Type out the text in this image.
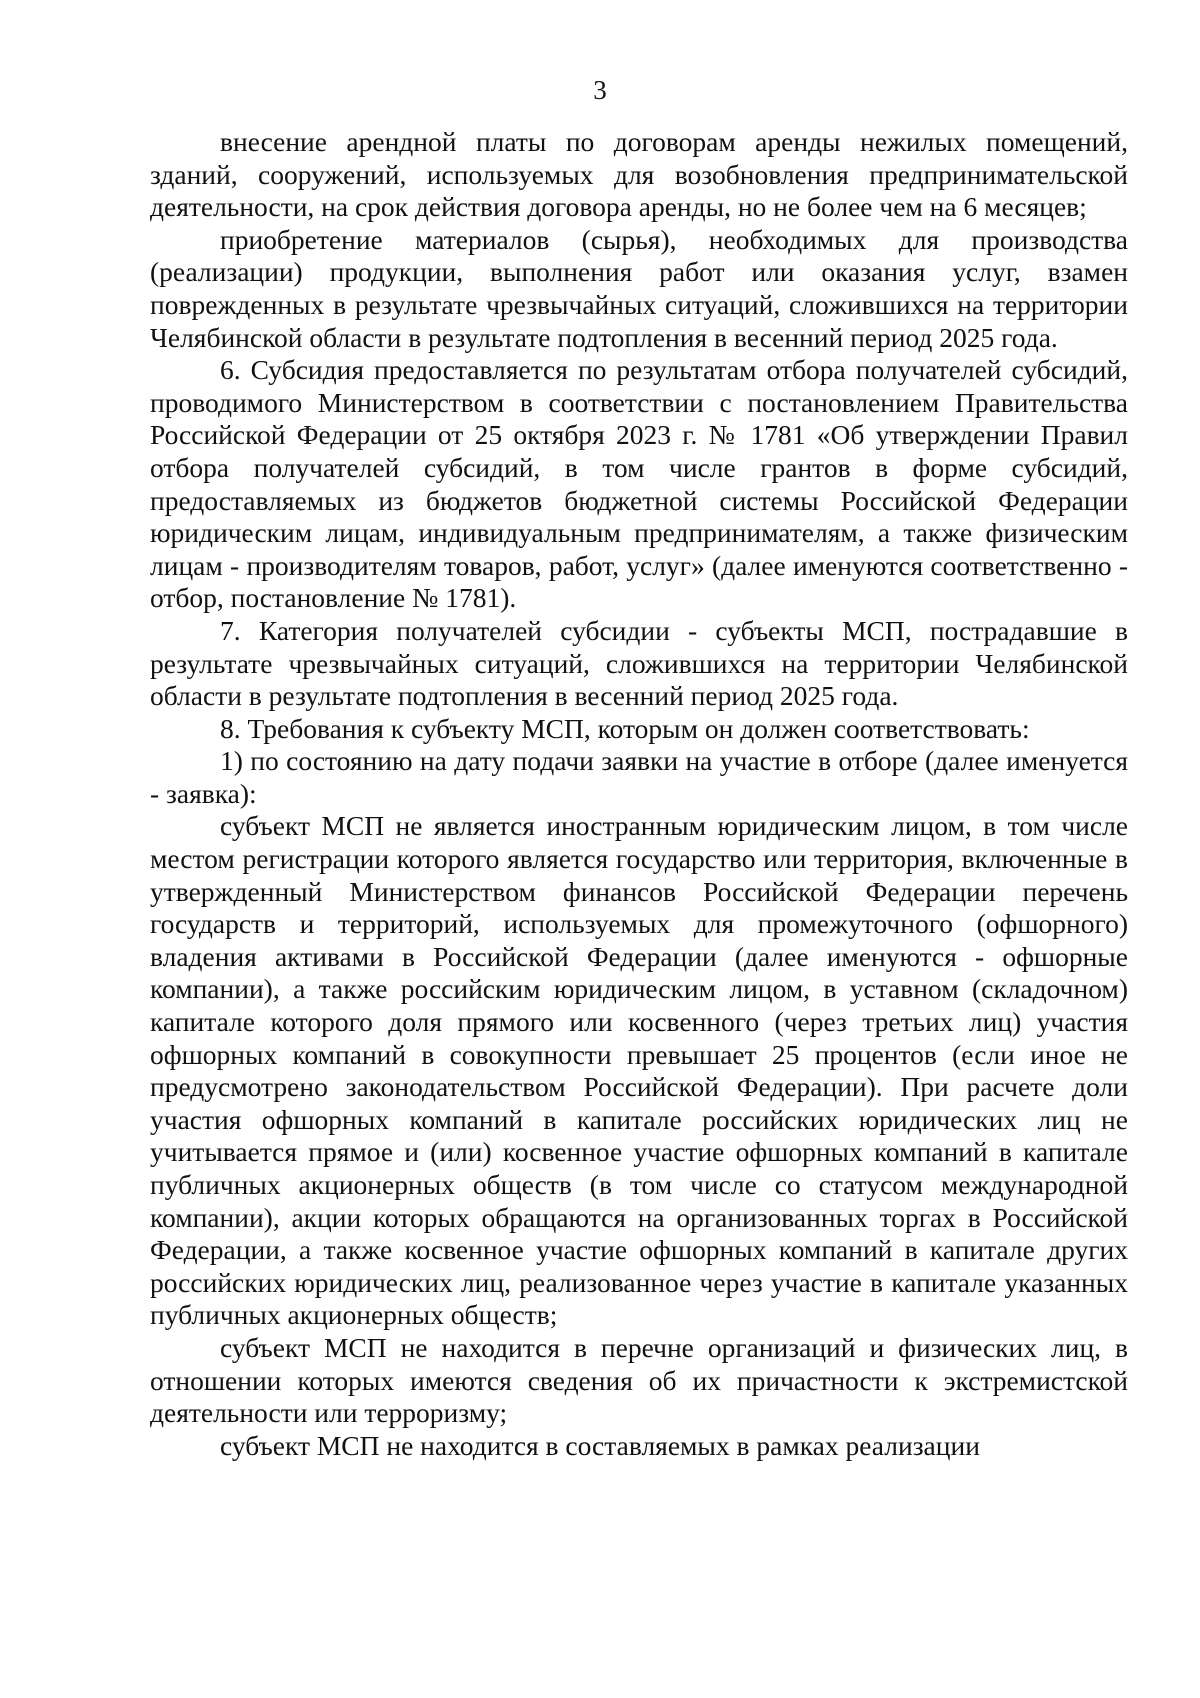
3

внесение арендной платы по договорам аренды нежилых помещений, зданий, сооружений, используемых для возобновления предпринимательской деятельности, на срок действия договора аренды, но не более чем на 6 месяцев;

приобретение материалов (сырья), необходимых для производства (реализации) продукции, выполнения работ или оказания услуг, взамен поврежденных в результате чрезвычайных ситуаций, сложившихся на территории Челябинской области в результате подтопления в весенний период 2025 года.

6. Субсидия предоставляется по результатам отбора получателей субсидий, проводимого Министерством в соответствии с постановлением Правительства Российской Федерации от 25 октября 2023 г. № 1781 «Об утверждении Правил отбора получателей субсидий, в том числе грантов в форме субсидий, предоставляемых из бюджетов бюджетной системы Российской Федерации юридическим лицам, индивидуальным предпринимателям, а также физическим лицам - производителям товаров, работ, услуг» (далее именуются соответственно - отбор, постановление № 1781).

7. Категория получателей субсидии - субъекты МСП, пострадавшие в результате чрезвычайных ситуаций, сложившихся на территории Челябинской области в результате подтопления в весенний период 2025 года.

8. Требования к субъекту МСП, которым он должен соответствовать:

1) по состоянию на дату подачи заявки на участие в отборе (далее именуется - заявка):

субъект МСП не является иностранным юридическим лицом, в том числе местом регистрации которого является государство или территория, включенные в утвержденный Министерством финансов Российской Федерации перечень государств и территорий, используемых для промежуточного (офшорного) владения активами в Российской Федерации (далее именуются - офшорные компании), а также российским юридическим лицом, в уставном (складочном) капитале которого доля прямого или косвенного (через третьих лиц) участия офшорных компаний в совокупности превышает 25 процентов (если иное не предусмотрено законодательством Российской Федерации). При расчете доли участия офшорных компаний в капитале российских юридических лиц не учитывается прямое и (или) косвенное участие офшорных компаний в капитале публичных акционерных обществ (в том числе со статусом международной компании), акции которых обращаются на организованных торгах в Российской Федерации, а также косвенное участие офшорных компаний в капитале других российских юридических лиц, реализованное через участие в капитале указанных публичных акционерных обществ;

субъект МСП не находится в перечне организаций и физических лиц, в отношении которых имеются сведения об их причастности к экстремистской деятельности или терроризму;

субъект МСП не находится в составляемых в рамках реализации
